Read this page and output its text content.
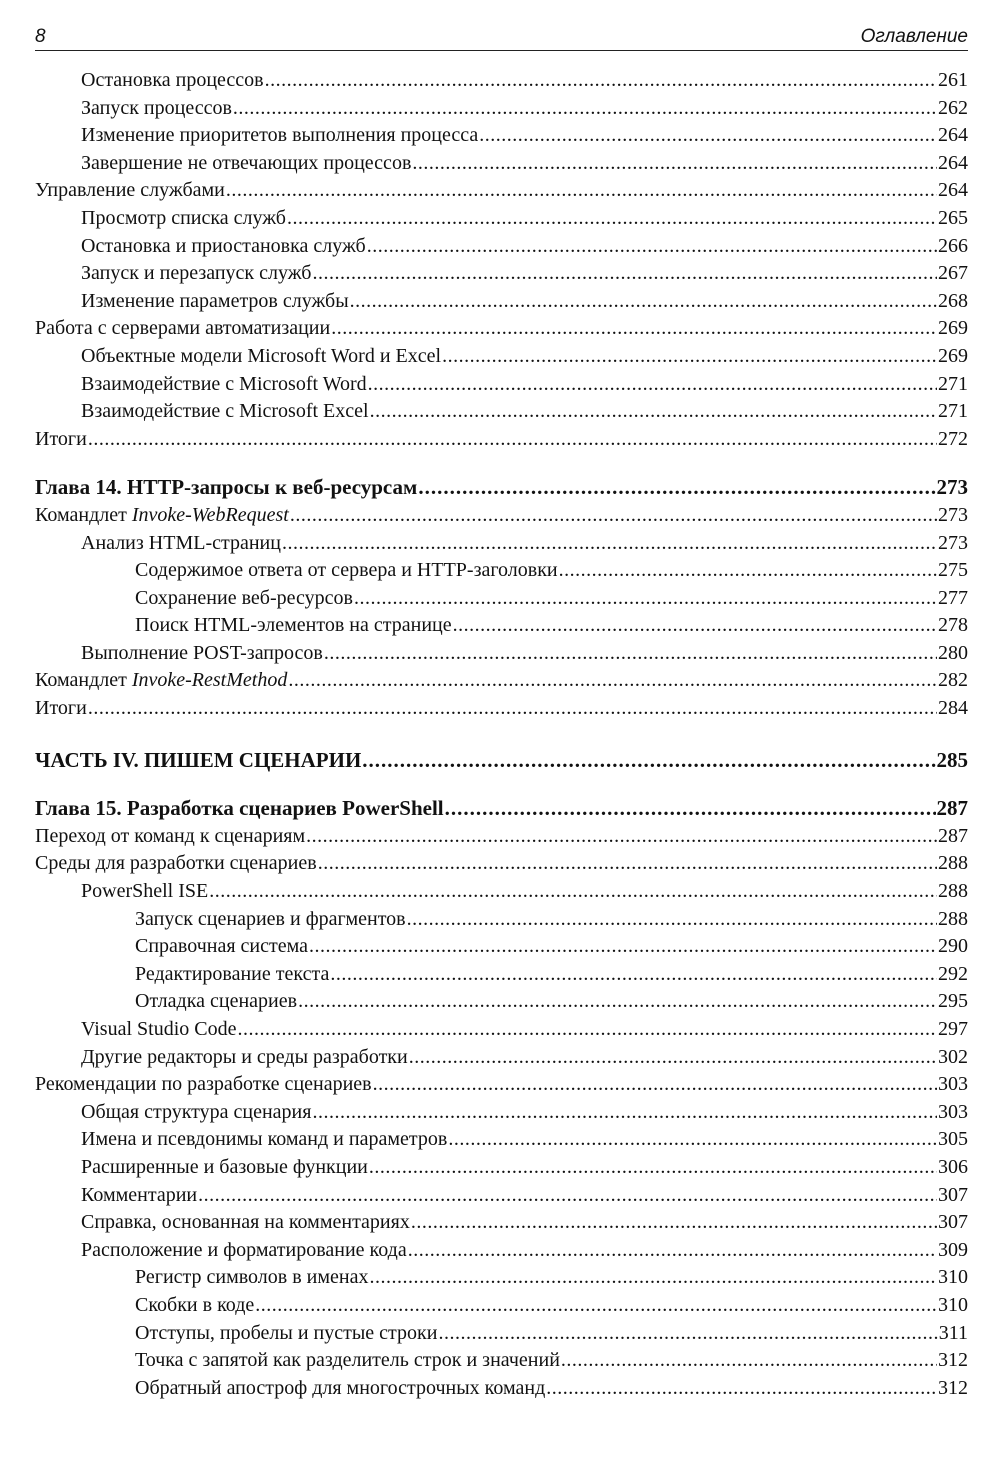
8	Оглавление
Остановка процессов .....	261
Запуск процессов .....	262
Изменение приоритетов выполнения процесса .....	264
Завершение не отвечающих процессов .....	264
Управление службами .....	264
Просмотр списка служб .....	265
Остановка и приостановка служб .....	266
Запуск и перезапуск служб .....	267
Изменение параметров службы .....	268
Работа с серверами автоматизации .....	269
Объектные модели Microsoft Word и Excel .....	269
Взаимодействие с Microsoft Word .....	271
Взаимодействие с Microsoft Excel .....	271
Итоги .....	272
Глава 14. HTTP-запросы к веб-ресурсам .....	273
Командлет Invoke-WebRequest .....	273
Анализ HTML-страниц .....	273
Содержимое ответа от сервера и HTTP-заголовки .....	275
Сохранение веб-ресурсов .....	277
Поиск HTML-элементов на странице .....	278
Выполнение POST-запросов .....	280
Командлет Invoke-RestMethod .....	282
Итоги .....	284
ЧАСТЬ IV. ПИШЕМ СЦЕНАРИИ .....	285
Глава 15. Разработка сценариев PowerShell .....	287
Переход от команд к сценариям .....	287
Среды для разработки сценариев .....	288
PowerShell ISE .....	288
Запуск сценариев и фрагментов .....	288
Справочная система .....	290
Редактирование текста .....	292
Отладка сценариев .....	295
Visual Studio Code .....	297
Другие редакторы и среды разработки .....	302
Рекомендации по разработке сценариев .....	303
Общая структура сценария .....	303
Имена и псевдонимы команд и параметров .....	305
Расширенные и базовые функции .....	306
Комментарии .....	307
Справка, основанная на комментариях .....	307
Расположение и форматирование кода .....	309
Регистр символов в именах .....	310
Скобки в коде .....	310
Отступы, пробелы и пустые строки .....	311
Точка с запятой как разделитель строк и значений .....	312
Обратный апостроф для многострочных команд .....	312
